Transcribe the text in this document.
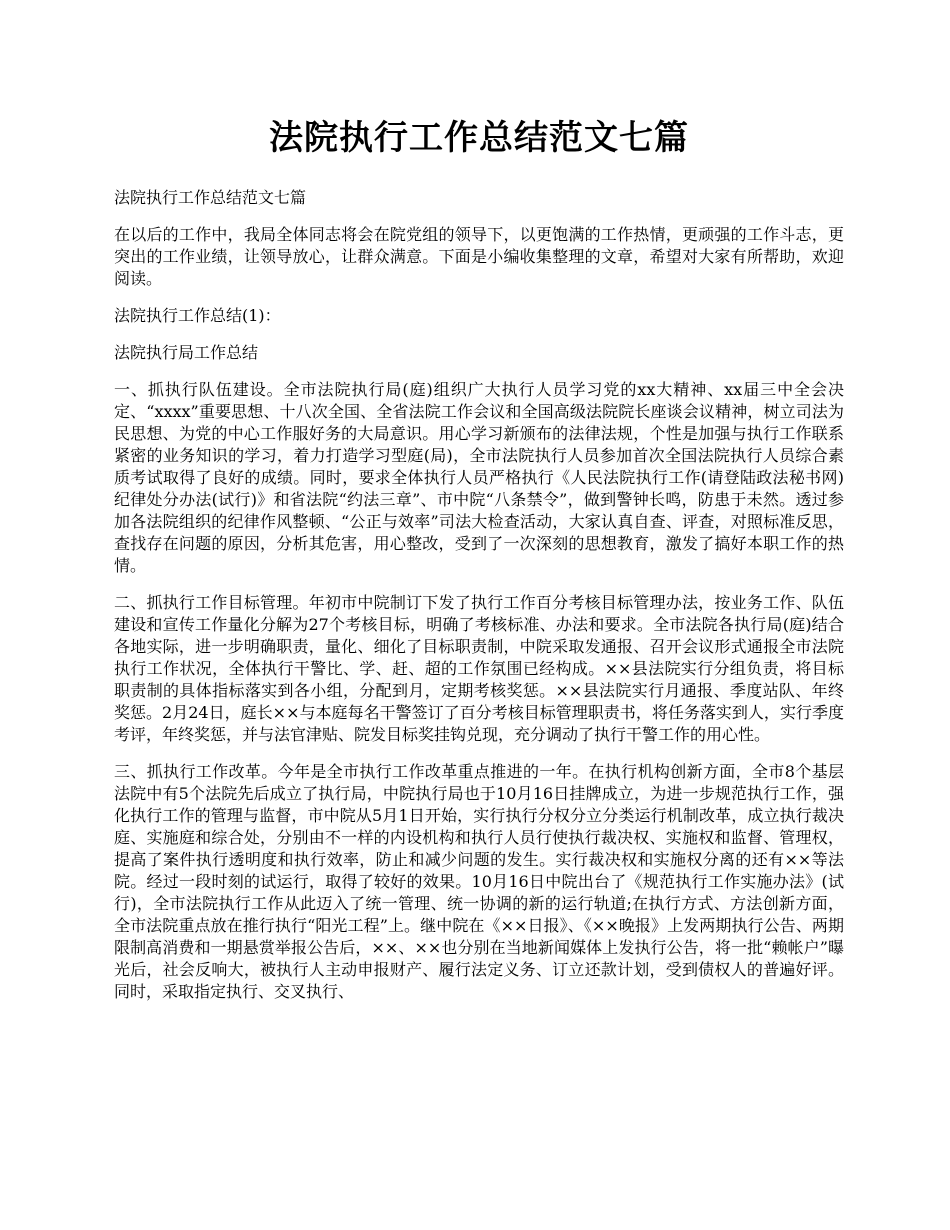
法院执行工作总结范文七篇

法院执行工作总结范文七篇

在以后的工作中，我局全体同志将会在院党组的领导下，以更饱满的工作热情，更顽强的工作斗志，更突出的工作业绩，让领导放心，让群众满意。下面是小编收集整理的文章，希望对大家有所帮助，欢迎阅读。

法院执行工作总结(1)：

法院执行局工作总结

一、抓执行队伍建设。全市法院执行局(庭)组织广大执行人员学习党的xx大精神、xx届三中全会决定、“xxxx”重要思想、十八次全国、全省法院工作会议和全国高级法院院长座谈会议精神，树立司法为民思想、为党的中心工作服好务的大局意识。用心学习新颁布的法律法规，个性是加强与执行工作联系紧密的业务知识的学习，着力打造学习型庭(局)，全市法院执行人员参加首次全国法院执行人员综合素质考试取得了良好的成绩。同时，要求全体执行人员严格执行《人民法院执行工作(请登陆政法秘书网)纪律处分办法(试行)》和省法院“约法三章”、市中院“八条禁令”，做到警钟长鸣，防患于未然。透过参加各法院组织的纪律作风整顿、“公正与效率”司法大检查活动，大家认真自查、评查，对照标准反思，查找存在问题的原因，分析其危害，用心整改，受到了一次深刻的思想教育，激发了搞好本职工作的热情。

二、抓执行工作目标管理。年初市中院制订下发了执行工作百分考核目标管理办法，按业务工作、队伍建设和宣传工作量化分解为27个考核目标，明确了考核标准、办法和要求。全市法院各执行局(庭)结合各地实际，进一步明确职责，量化、细化了目标职责制，中院采取发通报、召开会议形式通报全市法院执行工作状况，全体执行干警比、学、赶、超的工作氛围已经构成。××县法院实行分组负责，将目标职责制的具体指标落实到各小组，分配到月，定期考核奖惩。××县法院实行月通报、季度站队、年终奖惩。2月24日，庭长××与本庭每名干警签订了百分考核目标管理职责书，将任务落实到人，实行季度考评，年终奖惩，并与法官津贴、院发目标奖挂钩兑现，充分调动了执行干警工作的用心性。

三、抓执行工作改革。今年是全市执行工作改革重点推进的一年。在执行机构创新方面，全市8个基层法院中有5个法院先后成立了执行局，中院执行局也于10月16日挂牌成立，为进一步规范执行工作，强化执行工作的管理与监督，市中院从5月1日开始，实行执行分权分立分类运行机制改革，成立执行裁决庭、实施庭和综合处，分别由不一样的内设机构和执行人员行使执行裁决权、实施权和监督、管理权，提高了案件执行透明度和执行效率，防止和减少问题的发生。实行裁决权和实施权分离的还有××等法院。经过一段时刻的试运行，取得了较好的效果。10月16日中院出台了《规范执行工作实施办法》(试行)，全市法院执行工作从此迈入了统一管理、统一协调的新的运行轨道;在执行方式、方法创新方面，全市法院重点放在推行执行“阳光工程”上。继中院在《××日报》、《××晚报》上发两期执行公告、两期限制高消费和一期悬赏举报公告后，××、××也分别在当地新闻媒体上发执行公告，将一批“赖帐户”曝光后，社会反响大，被执行人主动申报财产、履行法定义务、订立还款计划，受到债权人的普遍好评。同时，采取指定执行、交叉执行、
